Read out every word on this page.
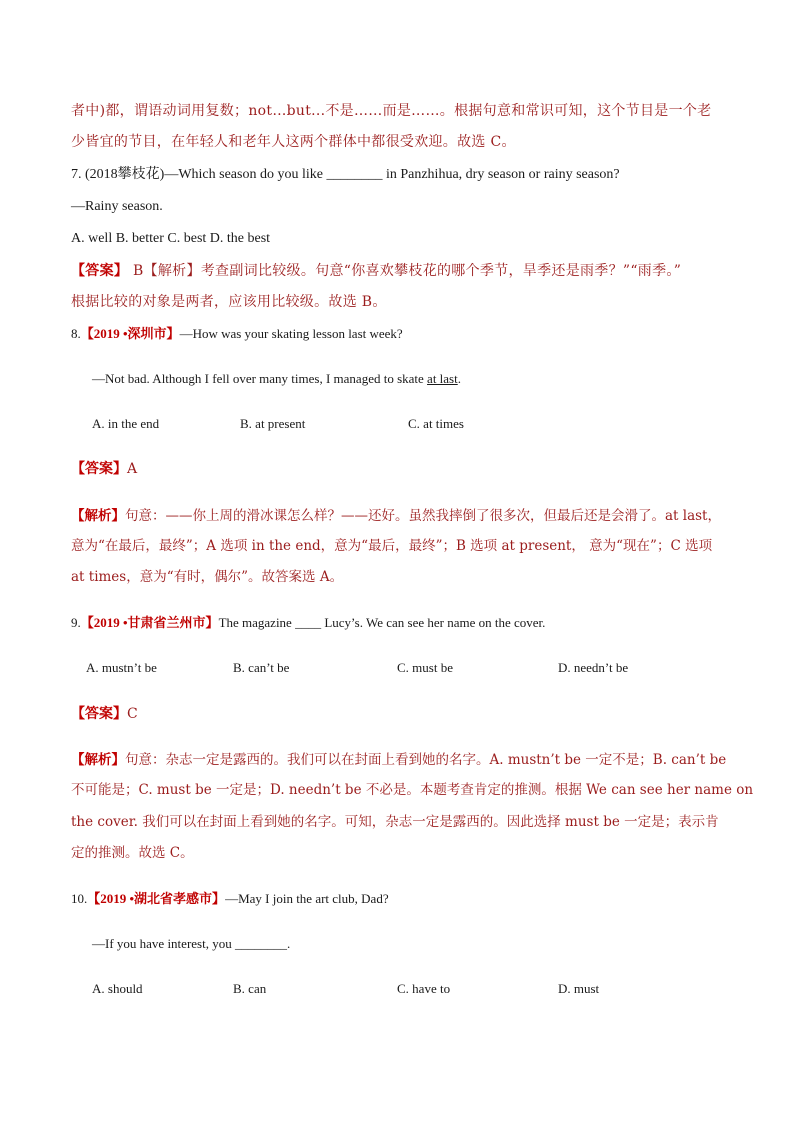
者中)都，谓语动词用复数；not…but...不是……而是……。根据句意和常识可知，这个节目是一个老
少皆宜的节目，在年轻人和老年人这两个群体中都很受欢迎。故选 C。
7. (2018攀枝花)—Which season do you like ________ in Panzhihua, dry season or rainy season?
—Rainy season.
A. well B. better C. best D. the best
【答案】 B【解析】考查副词比较级。句意“你喜欢攀枝花的哪个季节，旱季还是雨季？”“雨季。”
根据比较的对象是两者，应该用比较级。故选 B。
8.【2019 •深圳市】—How was your skating lesson last week?
—Not bad. Although I fell over many times, I managed to skate at last.
A. in the end	B. at present	C. at times
【答案】A
【解析】句意：——你上周的滑冰课怎么样？——还好。虽然我摔倒了很多次，但最后还是会滑了。at last，
意为“在最后，最终”；A 选项 in the end，意为“最后，最终”；B 选项 at present， 意为“现在”；C 选项
at times，意为“有时，偶尔”。故答案选 A。
9.【2019 •甘肃省兰州市】The magazine ____ Lucy’s. We can see her name on the cover.
A. mustn’t be	B. can’t be	C. must be	D. needn’t be
【答案】C
【解析】句意：杂志一定是露西的。我们可以在封面上看到她的名字。A. mustn’t be 一定不是；B. can’t be
不可能是；C. must be 一定是；D. needn’t be 不必是。本题考查肯定的推测。根据 We can see her name on
the cover. 我们可以在封面上看到她的名字。可知，杂志一定是露西的。因此选择 must be 一定是；表示肯
定的推测。故选 C。
10.【2019 •湖北省孝感市】—May I join the art club, Dad?
—If you have interest, you ________.
A. should	B. can	C. have to	D. must
